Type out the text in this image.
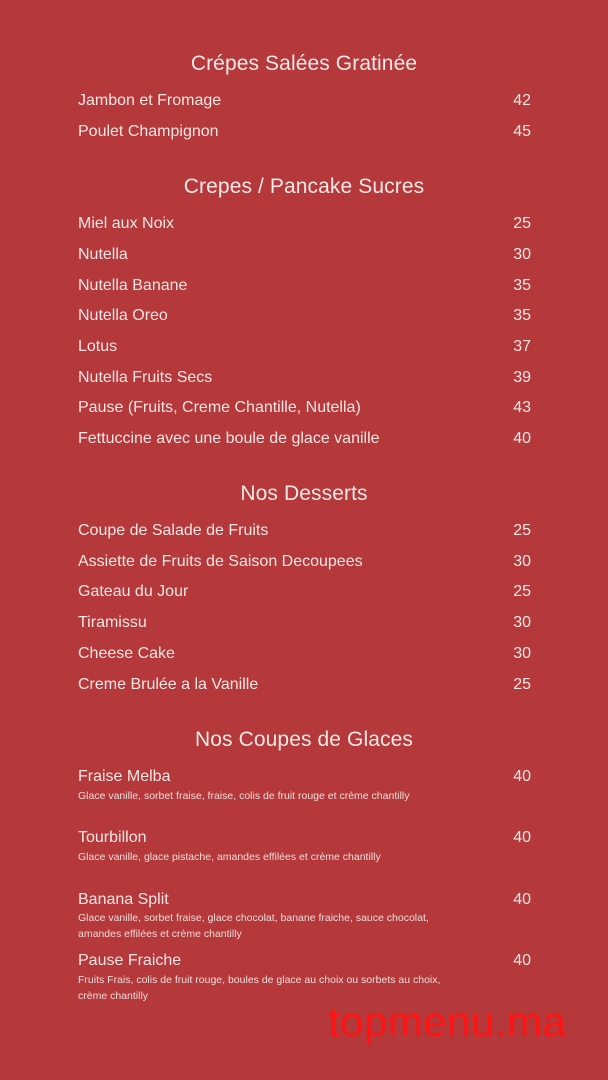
Crépes Salées Gratinée
Jambon et Fromage	42
Poulet Champignon	45
Crepes / Pancake Sucres
Miel aux Noix	25
Nutella	30
Nutella Banane	35
Nutella Oreo	35
Lotus	37
Nutella Fruits Secs	39
Pause (Fruits, Creme Chantille, Nutella)	43
Fettuccine avec une boule de glace vanille	40
Nos Desserts
Coupe de Salade de Fruits	25
Assiette de Fruits de Saison Decoupees	30
Gateau du Jour	25
Tiramissu	30
Cheese Cake	30
Creme Brulée a la Vanille	25
Nos Coupes de Glaces
Fraise Melba	40
Glace vanille, sorbet fraise, fraise, colis de fruit rouge et crème chantilly
Tourbillon	40
Glace vanille, glace pistache, amandes effilées et crème chantilly
Banana Split	40
Glace vanille, sorbet fraise, glace chocolat, banane fraiche, sauce chocolat,
amandes effilées et crème chantilly
Pause Fraiche	40
Fruits Frais, colis de fruit rouge, boules de glace au choix ou sorbets au choix,
crème chantilly
topmenu.ma
